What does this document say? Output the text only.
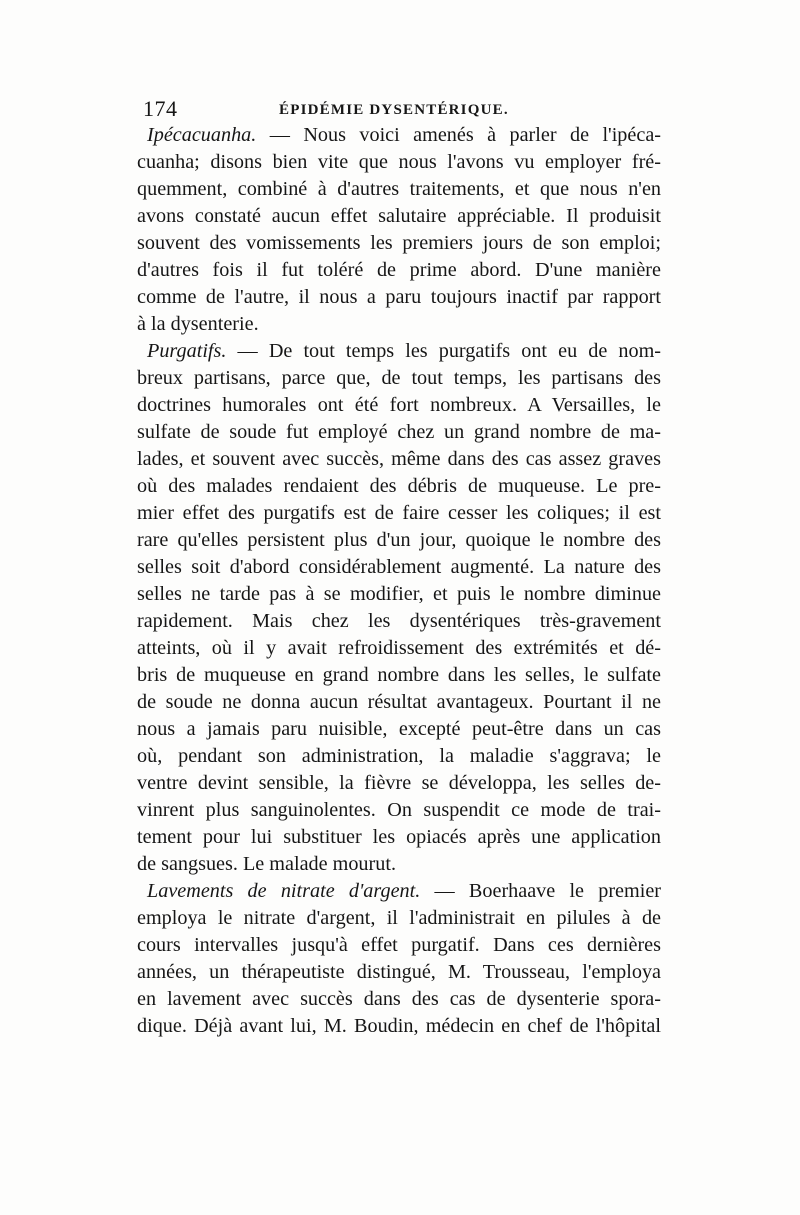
174	ÉPIDÉMIE DYSENTÉRIQUE.
Ipécacuanha. — Nous voici amenés à parler de l'ipéca-
cuanha; disons bien vite que nous l'avons vu employer fré-
quemment, combiné à d'autres traitements, et que nous n'en
avons constaté aucun effet salutaire appréciable. Il produisit
souvent des vomissements les premiers jours de son emploi;
d'autres fois il fut toléré de prime abord. D'une manière
comme de l'autre, il nous a paru toujours inactif par rapport
à la dysenterie.
Purgatifs. — De tout temps les purgatifs ont eu de nom-
breux partisans, parce que, de tout temps, les partisans des
doctrines humorales ont été fort nombreux. A Versailles, le
sulfate de soude fut employé chez un grand nombre de ma-
lades, et souvent avec succès, même dans des cas assez graves
où des malades rendaient des débris de muqueuse. Le pre-
mier effet des purgatifs est de faire cesser les coliques; il est
rare qu'elles persistent plus d'un jour, quoique le nombre des
selles soit d'abord considérablement augmenté. La nature des
selles ne tarde pas à se modifier, et puis le nombre diminue
rapidement. Mais chez les dysentériques très-gravement
atteints, où il y avait refroidissement des extrémités et dé-
bris de muqueuse en grand nombre dans les selles, le sulfate
de soude ne donna aucun résultat avantageux. Pourtant il ne
nous a jamais paru nuisible, excepté peut-être dans un cas
où, pendant son administration, la maladie s'aggrava; le
ventre devint sensible, la fièvre se développa, les selles de-
vinrent plus sanguinolentes. On suspendit ce mode de trai-
tement pour lui substituer les opiacés après une application
de sangsues. Le malade mourut.
Lavements de nitrate d'argent. — Boerhaave le premier
employa le nitrate d'argent, il l'administrait en pilules à de
cours intervalles jusqu'à effet purgatif. Dans ces dernières
années, un thérapeutiste distingué, M. Trousseau, l'employa
en lavement avec succès dans des cas de dysenterie spora-
dique. Déjà avant lui, M. Boudin, médecin en chef de l'hôpital
